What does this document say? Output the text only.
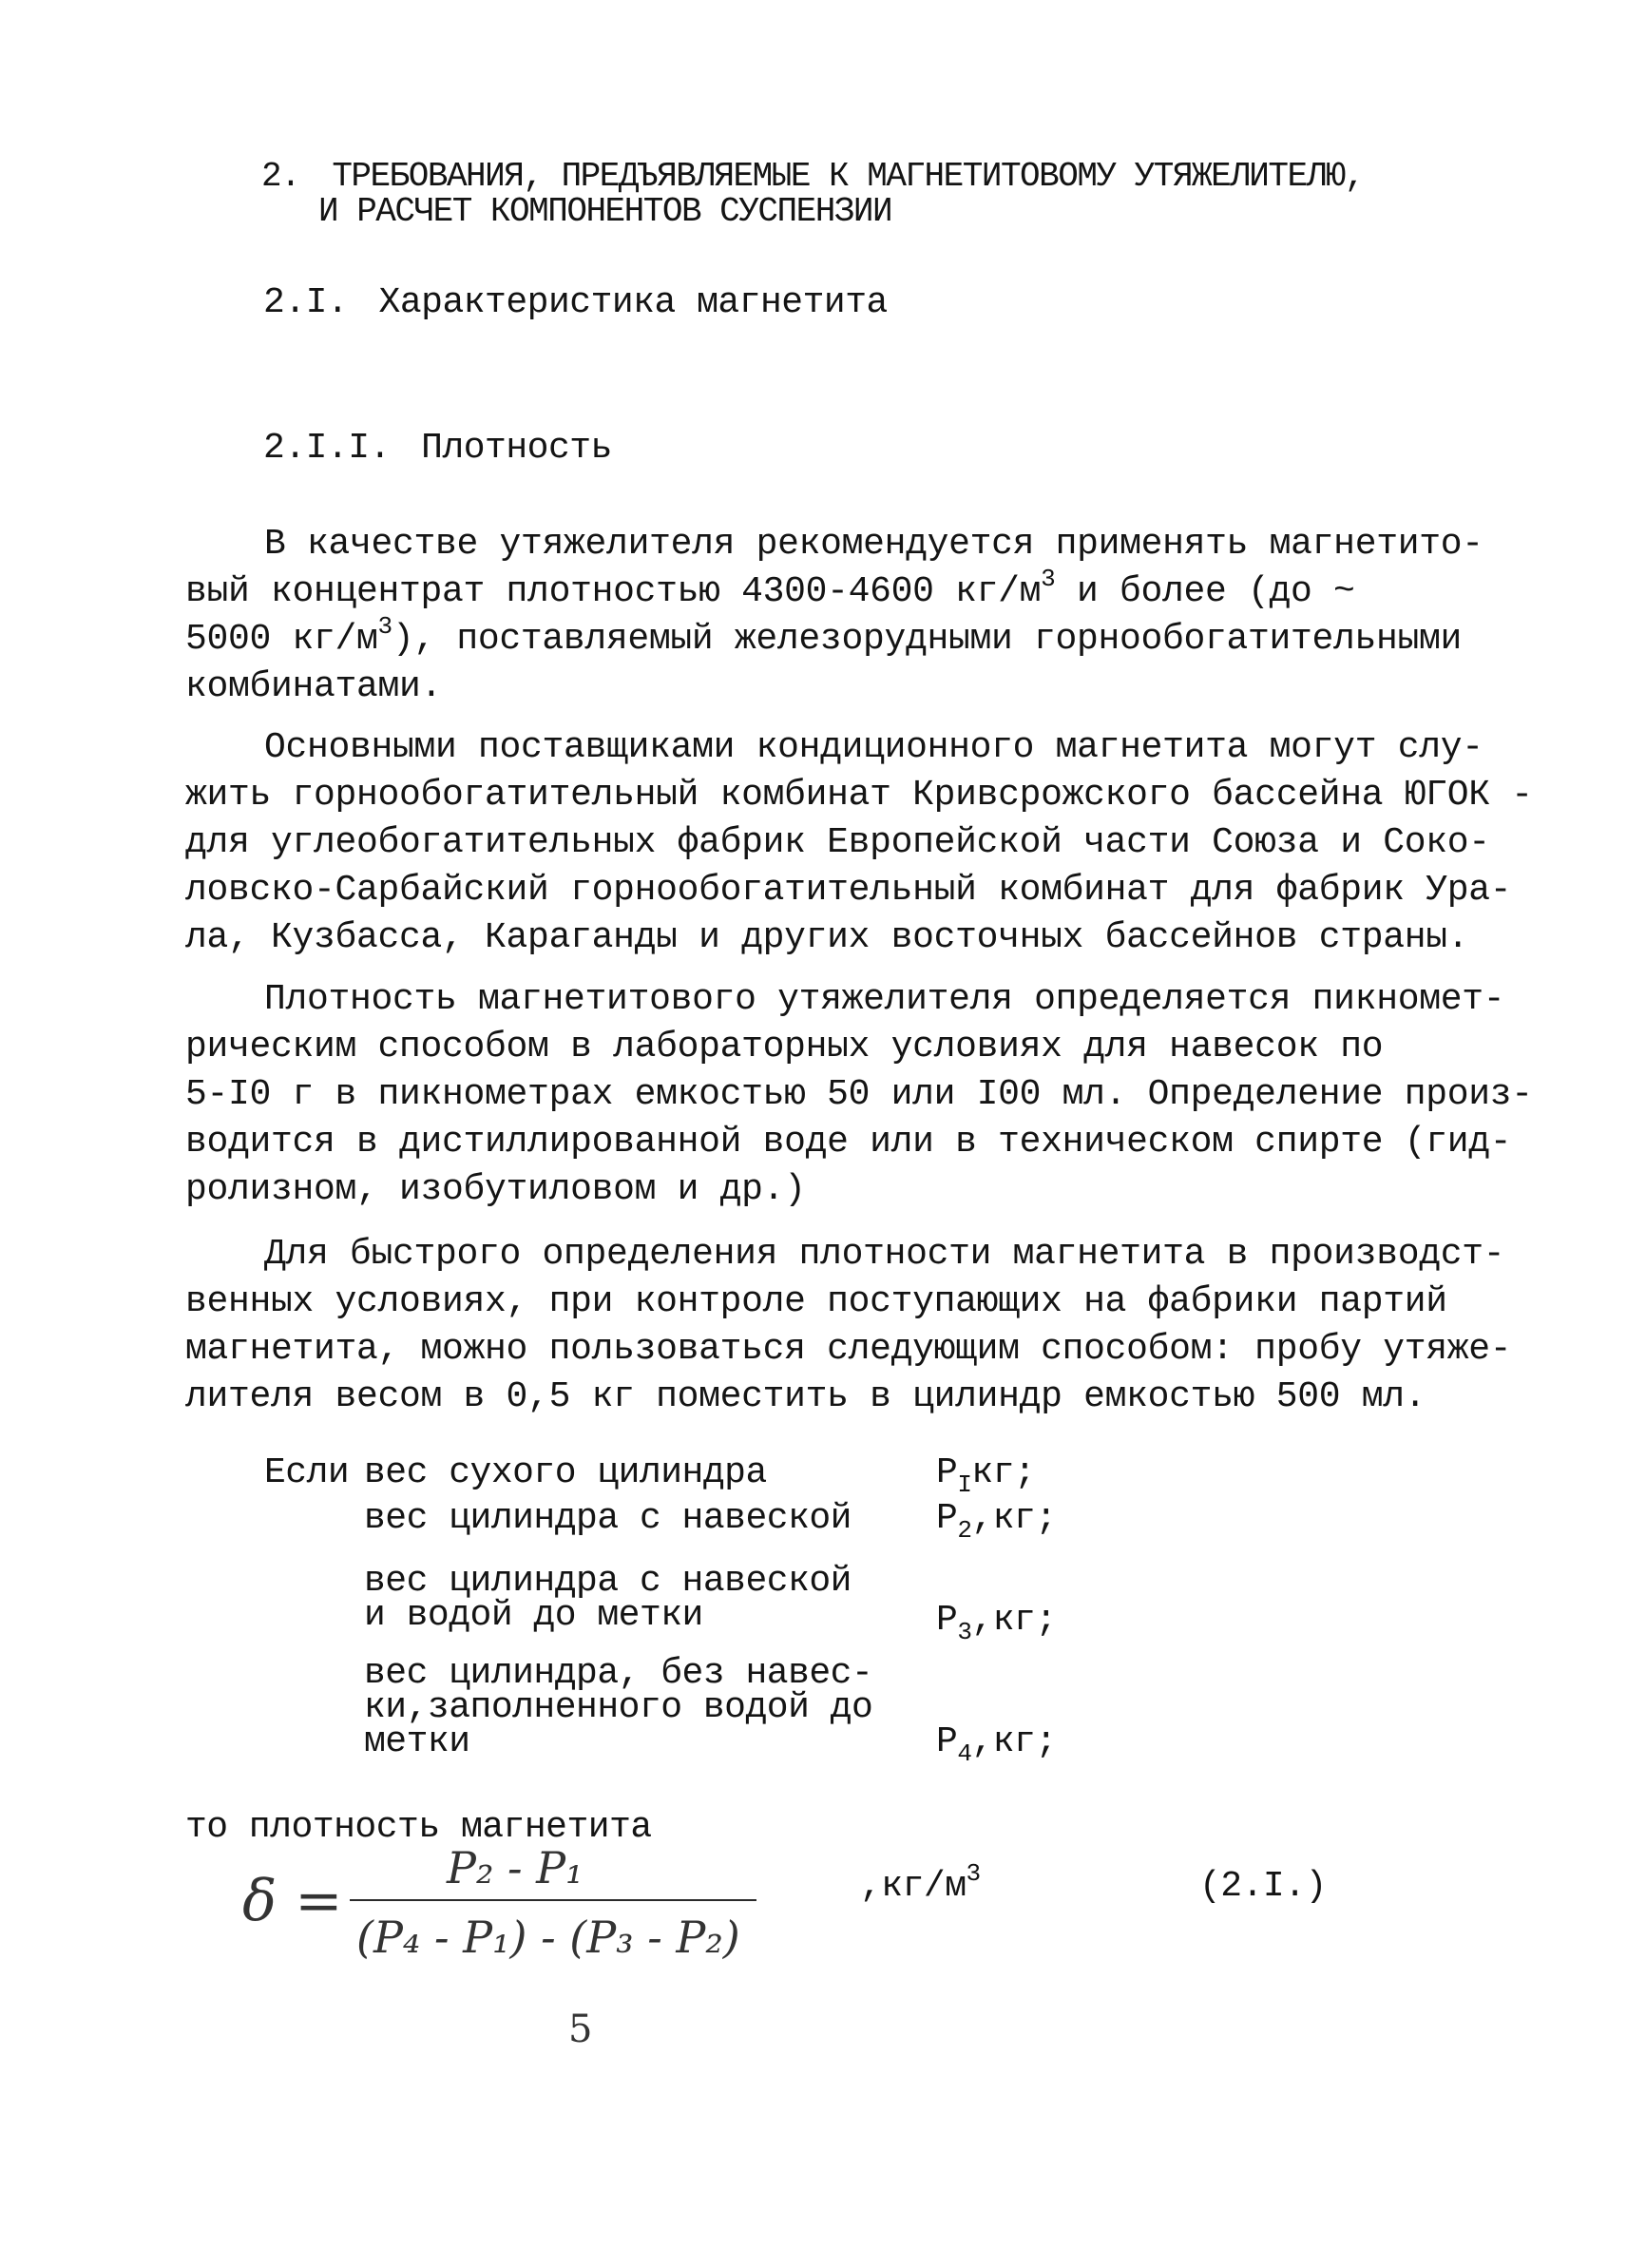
2. ТРЕБОВАНИЯ, ПРЕДЪЯВЛЯЕМЫЕ К МАГНЕТИТОВОМУ УТЯЖЕЛИТЕЛЮ,
И РАСЧЕТ КОМПОНЕНТОВ СУСПЕНЗИИ
2.I. Характеристика магнетита
2.I.I. Плотность
В качестве утяжелителя рекомендуется применять магнетито-
вый концентрат плотностью 4300-4600 $кг/м^3$ и более (до ~
5000 $кг/м^3$), поставляемый железорудными горнообогатительными
комбинатами.
Основными поставщиками кондиционного магнетита могут слу-
жить горнообогатительный комбинат Кривсрожского бассейна ЮГОК -
для углеобогатительных фабрик Европейской части Союза и Соко-
ловско-Сарбайский горнообогатительный комбинат для фабрик Ура-
ла, Кузбасса, Караганды и других восточных бассейнов страны.
Плотность магнетитового утяжелителя определяется пикномет-
рическим способом в лабораторных условиях для навесок по
5-I0 г в пикнометрах емкостью 50 или I00 мл. Определение произ-
водится в дистиллированной воде или в техническом спирте (гид-
ролизном, изобутиловом и др.)
Для быстрого определения плотности магнетита в производст-
венных условиях, при контроле поступающих на фабрики партий
магнетита, можно пользоваться следующим способом: пробу утяже-
лителя весом в 0,5 кг поместить в цилиндр емкостью 500 мл.
Если вес сухого цилиндра	$P_Iкг$;
вес цилиндра с навеской $P_2,кг$;
вес цилиндра с навеской
и водой до метки	$P_3,кг$;
вес цилиндра, без навес-
ки,заполненного водой до
метки	$P_4,кг$;
то плотность магнетита
δ = P₂ - P₁
(P₄ - P₁) - (P₃ - P₂)
$,кг/м^3$	(2.I.)
5
